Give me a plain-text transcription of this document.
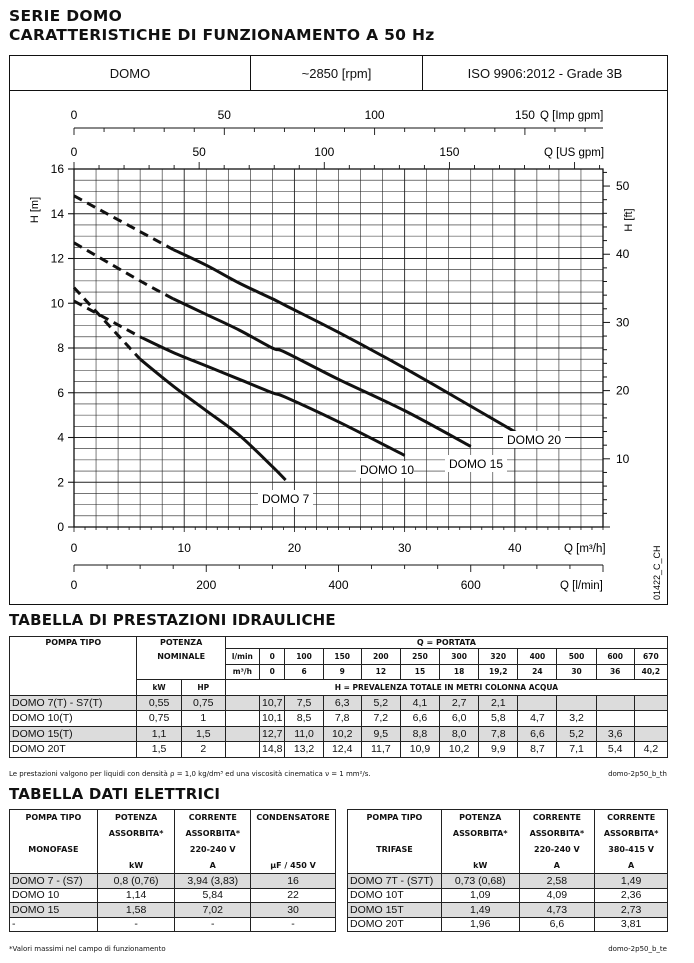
SERIE DOMO
CARATTERISTICHE DI FUNZIONAMENTO A 50 Hz
DOMO	~2850 [rpm]	ISO 9906:2012 - Grade 3B
0
2
4
6
8
10
12
14
16
H [m]
10
20
30
40
50
H [ft]
0	10	20	30	40	Q [m³/h]
0	200	400	600	Q [l/min]
0	50	100	150 Q [Imp gpm]
0	50	100	150	Q [US gpm]
DOMO 7
DOMO 10	DOMO 15
DOMO 20
01422_C_CH
TABELLA DI PRESTAZIONI IDRAULICHE
POMPA TIPO	POTENZA		Q = PORTATA											
	NOMINALE		l/min	0	100	150	200	250	300	320	400	500	600	670
			m³/h	0	6	9	12	15	18	19,2	24	30	36	40,2
	kW	HP	H = PREVALENZA TOTALE IN METRI COLONNA ACQUA											
DOMO 7(T) - S7(T)	0,55	0,75		10,7	7,5	6,3	5,2	4,1	2,7	2,1				
DOMO 10(T)	0,75	1		10,1	8,5	7,8	7,2	6,6	6,0	5,8	4,7	3,2		
DOMO 15(T)	1,1	1,5		12,7	11,0	10,2	9,5	8,8	8,0	7,8	6,6	5,2	3,6	
DOMO 20T	1,5	2		14,8	13,2	12,4	11,7	10,9	10,2	9,9	8,7	7,1	5,4	4,2
Le prestazioni valgono per liquidi con densità ρ = 1,0 kg/dm³ ed una viscosità cinematica ν = 1 mm²/s.	domo-2p50_b_th
TABELLA DATI ELETTRICI
POMPA TIPO	POTENZA	CORRENTE	CONDENSATORE
	ASSORBITA*	ASSORBITA*	
MONOFASE		220-240 V	
	kW	A	µF / 450 V
DOMO 7 - (S7)	0,8 (0,76)	3,94 (3,83)	16
DOMO 10	1,14	5,84	22
DOMO 15	1,58	7,02	30
-	-	-	-
POMPA TIPO	POTENZA	CORRENTE	CORRENTE
	ASSORBITA*	ASSORBITA*	ASSORBITA*
TRIFASE		220-240 V	380-415 V
	kW	A	A
DOMO 7T - (S7T)	0,73 (0,68)	2,58	1,49
DOMO 10T	1,09	4,09	2,36
DOMO 15T	1,49	4,73	2,73
DOMO 20T	1,96	6,6	3,81
*Valori massimi nel campo di funzionamento	domo-2p50_b_te
